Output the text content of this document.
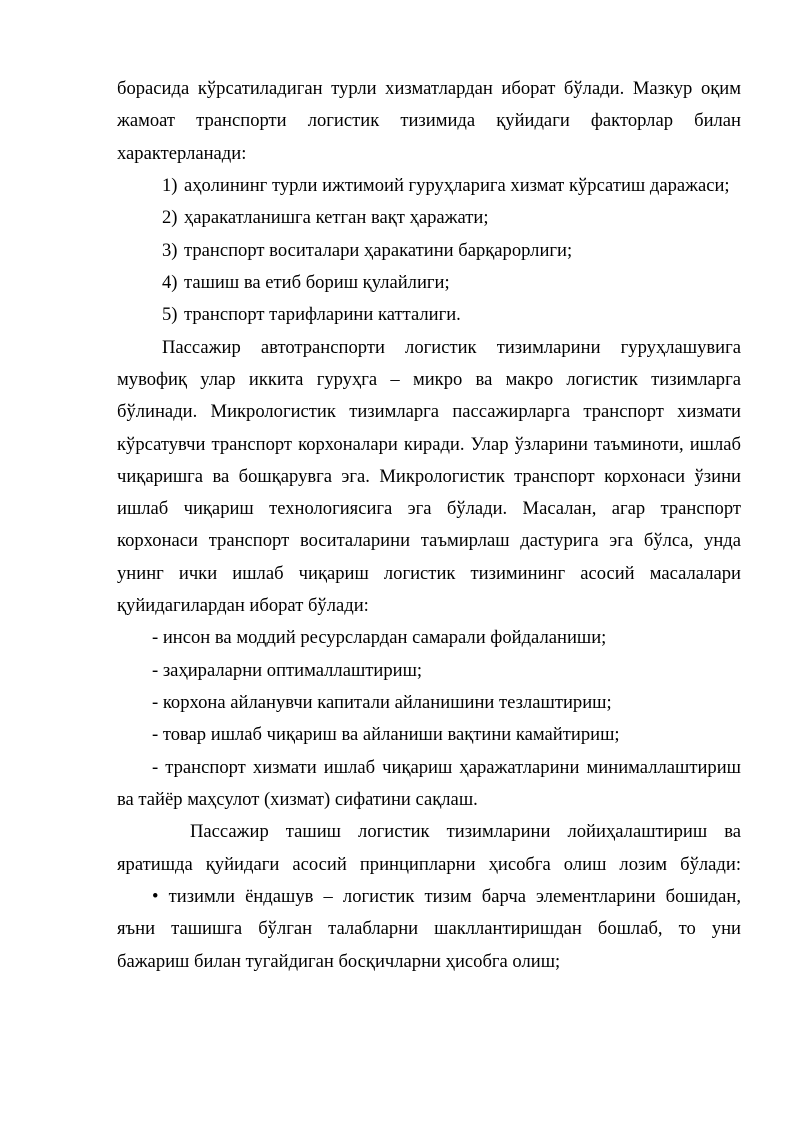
борасида кўрсатиладиган турли хизматлардан иборат бўлади. Мазкур оқим
жамоат транспорти логистик тизимида қуйидаги факторлар билан
характерланади:
1) аҳолининг турли ижтимоий гуруҳларига хизмат кўрсатиш даражаси;
2) ҳаракатланишга кетган вақт ҳаражати;
3) транспорт воситалари ҳаракатини барқарорлиги;
4) ташиш ва етиб бориш қулайлиги;
5) транспорт тарифларини катталиги.
Пассажир автотранспорти логистик тизимларини гуруҳлашувига
мувофиқ улар иккита гуруҳга – микро ва макро логистик тизимларга
бўлинади. Микрологистик тизимларга пассажирларга транспорт хизмати
кўрсатувчи транспорт корхоналари киради. Улар ўзларини таъминоти, ишлаб
чиқаришга ва бошқарувга эга. Микрологистик транспорт корхонаси ўзини
ишлаб чиқариш технологиясига эга бўлади. Масалан, агар транспорт
корхонаси транспорт воситаларини таъмирлаш дастурига эга бўлса, унда
унинг ички ишлаб чиқариш логистик тизимининг асосий масалалари
қуйидагилардан иборат бўлади:
- инсон ва моддий ресурслардан самарали фойдаланиши;
- заҳираларни оптималлаштириш;
- корхона айланувчи капитали айланишини тезлаштириш;
- товар ишлаб чиқариш ва айланиши вақтини камайтириш;
- транспорт хизмати ишлаб чиқариш ҳаражатларини минималлаштириш
ва тайёр маҳсулот (хизмат) сифатини сақлаш.
Пассажир ташиш логистик тизимларини лойиҳалаштириш ва
яратишда қуйидаги асосий принципларни ҳисобга олиш лозим бўлади:
• тизимли ёндашув – логистик тизим барча элементларини бошидан,
яъни ташишга бўлган талабларни шакллантиришдан бошлаб, то уни
бажариш билан тугайдиган босқичларни ҳисобга олиш;
